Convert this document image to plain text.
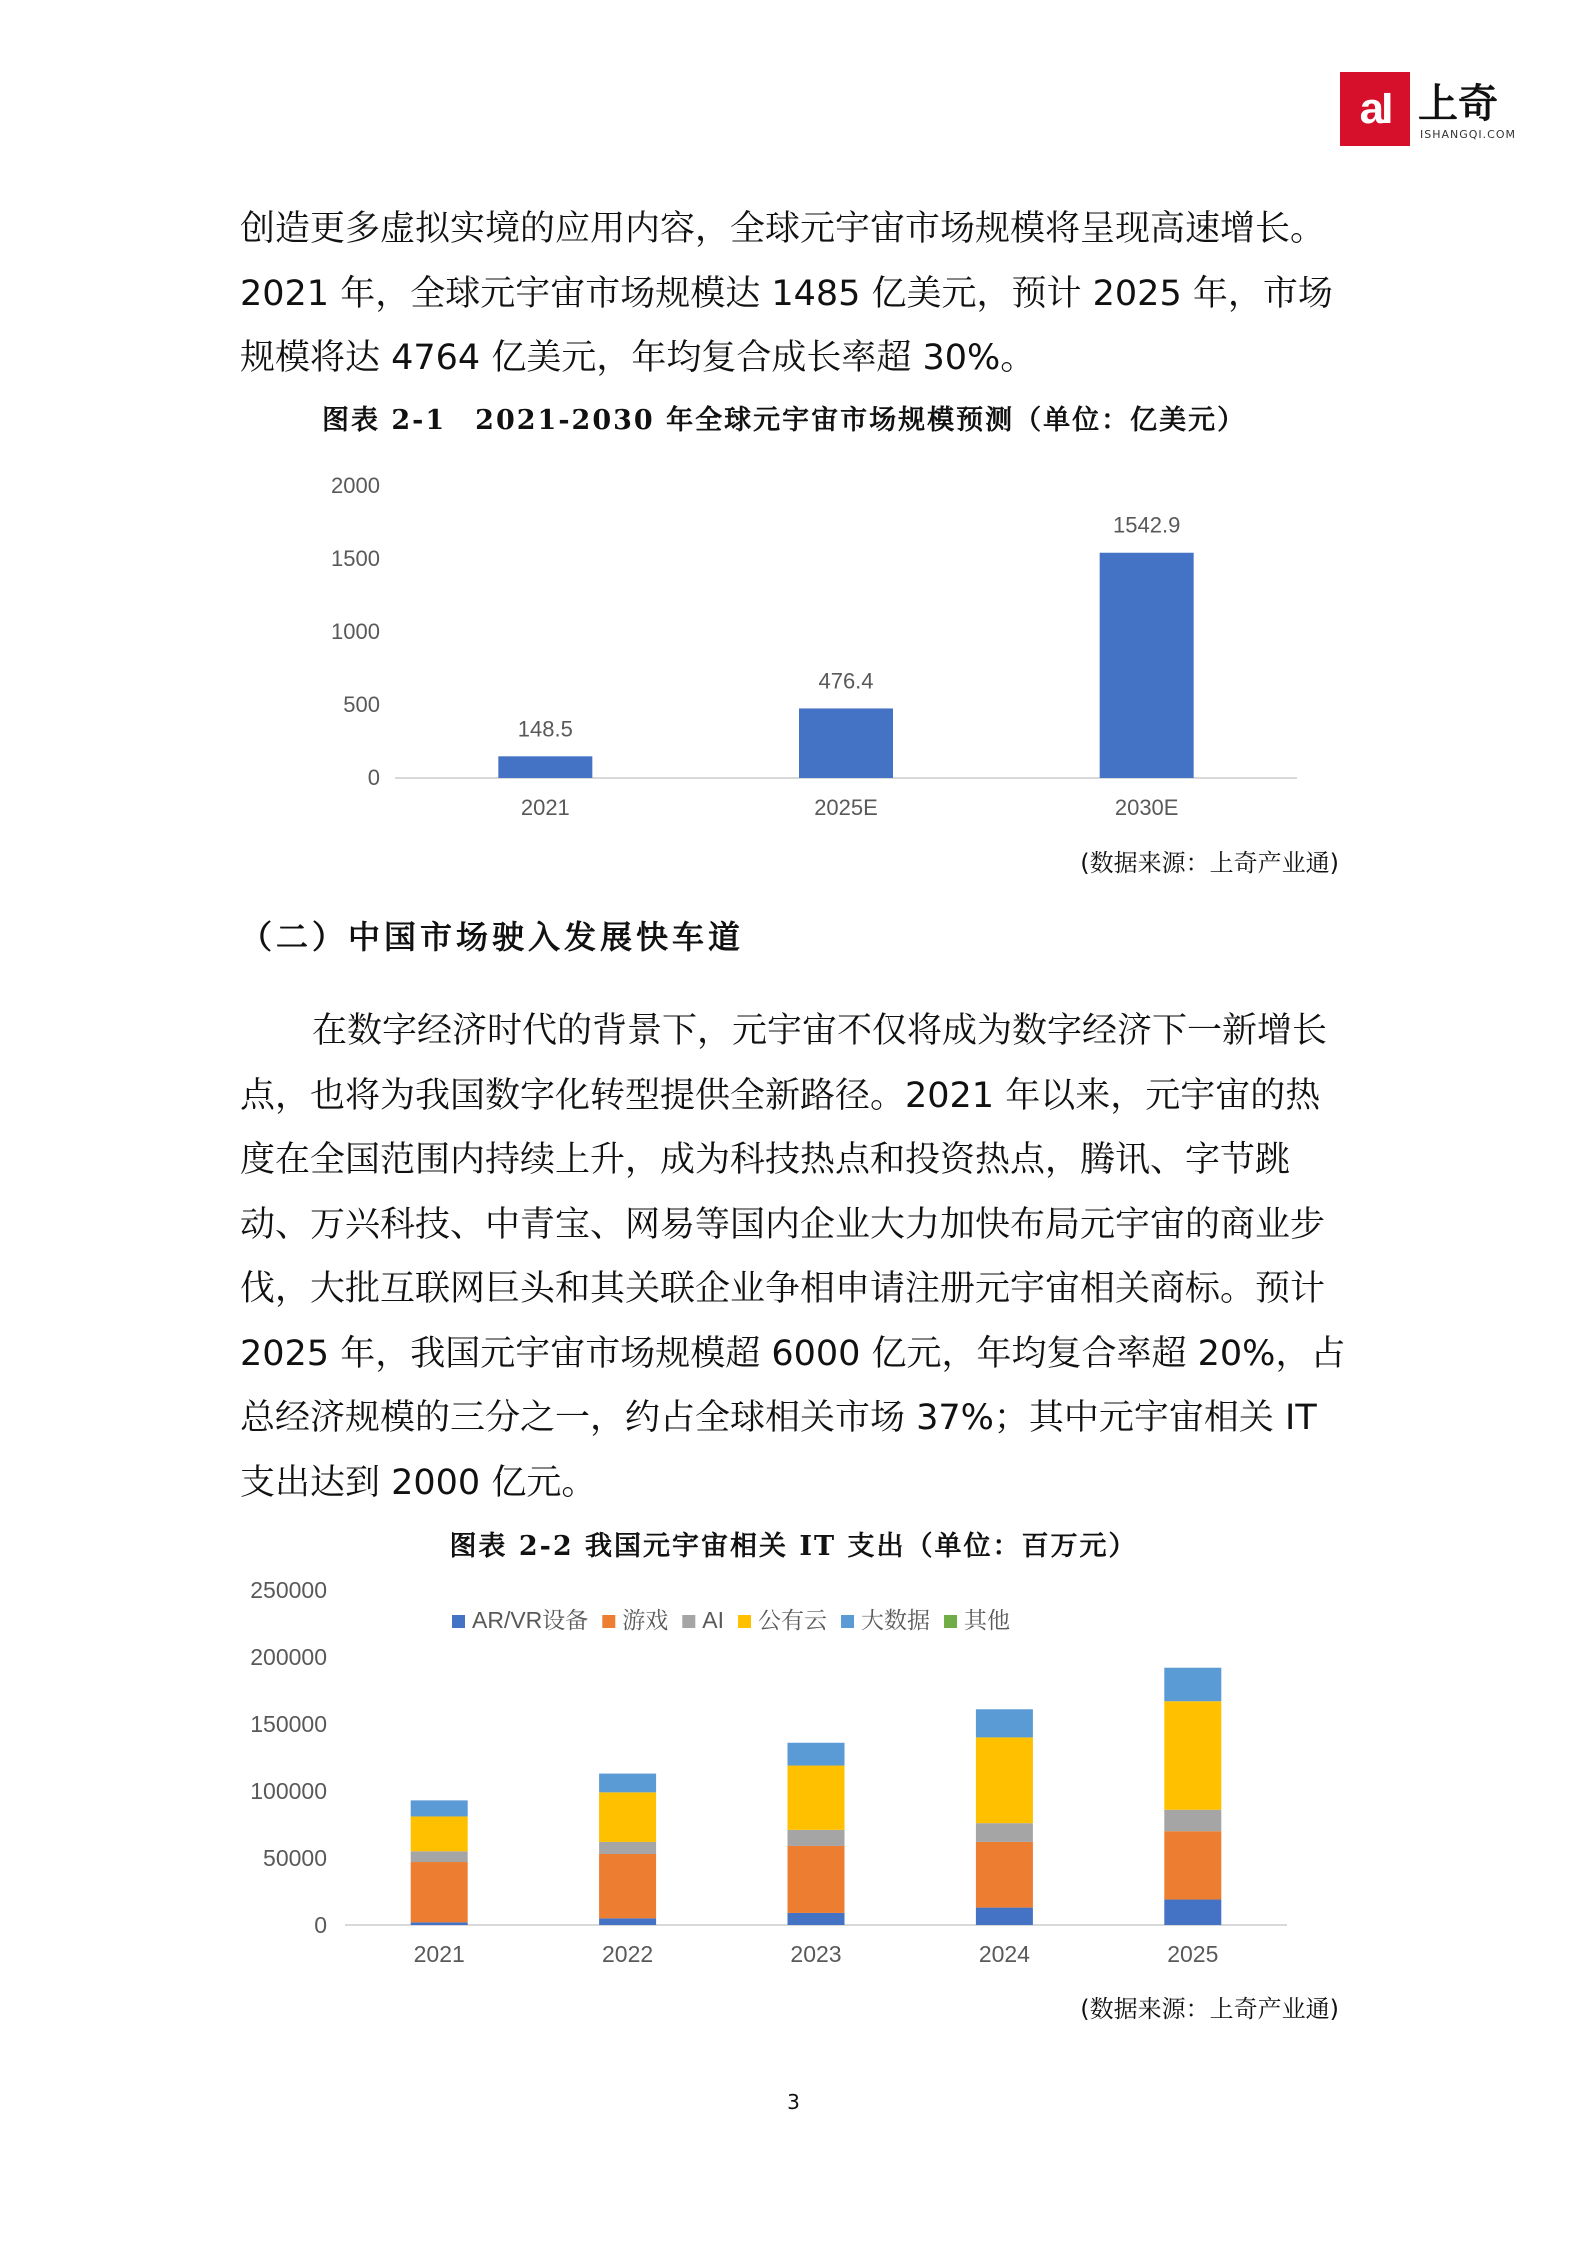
aI 上奇
ISHANGQI.COM

创造更多虚拟实境的应用内容，全球元宇宙市场规模将呈现高速增长。2021 年，全球元宇宙市场规模达 1485 亿美元，预计 2025 年，市场规模将达 4764 亿美元，年均复合成长率超 30%。

图表 2-1　2021-2030 年全球元宇宙市场规模预测（单位：亿美元）
0
500
1000
1500
2000
148.5
2021
476.4
2025E
1542.9
2030E
(数据来源：上奇产业通)
（二）中国市场驶入发展快车道

在数字经济时代的背景下，元宇宙不仅将成为数字经济下一新增长点，也将为我国数字化转型提供全新路径。2021 年以来，元宇宙的热度在全国范围内持续上升，成为科技热点和投资热点，腾讯、字节跳动、万兴科技、中青宝、网易等国内企业大力加快布局元宇宙的商业步伐，大批互联网巨头和其关联企业争相申请注册元宇宙相关商标。预计 2025 年，我国元宇宙市场规模超 6000 亿元，年均复合率超 20%，占总经济规模的三分之一，约占全球相关市场 37%；其中元宇宙相关 IT 支出达到 2000 亿元。

图表 2-2 我国元宇宙相关 IT 支出（单位：百万元）
0
50000
100000
150000
200000
250000
AR/VR设备 游戏 AI 公有云 大数据 其他
2021	2022	2023	2024	2025
(数据来源：上奇产业通)
3
